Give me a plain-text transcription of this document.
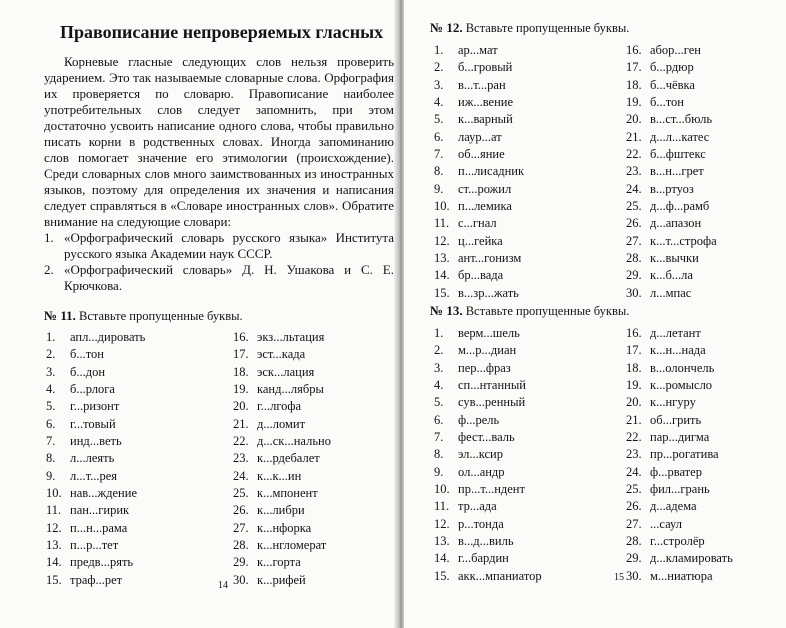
Правописание непроверяемых гласных

Корневые гласные следующих слов нельзя проверить ударением. Это так называемые словарные слова. Орфография их проверяется по словарю. Правописание наиболее употребительных слов следует запомнить, при этом достаточно усвоить написание одного слова, чтобы правильно писать корни в родственных словах. Иногда запоминанию слов помогает значение его этимологии (происхождение). Среди словарных слов много заимствованных из иностранных языков, поэтому для определения их значения и написания следует справляться в «Словаре иностранных слов». Обратите внимание на следующие словари:

1. «Орфографический словарь русского языка» Института русского языка Академии наук СССР.
2. «Орфографический словарь» Д. Н. Ушакова и С. Е. Крючкова.
№ 11. Вставьте пропущенные буквы.
1. апл...дировать
2. б...тон
3. б...дон
4. б...рлога
5. г...ризонт
6. г...товый
7. инд...веть
8. л...леять
9. л...т...рея
10. нав...ждение
11. пан...гирик
12. п...н...рама
13. п...р...тет
14. предв...рять
15. траф...рет
16. экз...льтация
17. эст...када
18. эск...лация
19. канд...лябры
20. г...лгофа
21. д...ломит
22. д...ск...нально
23. к...рдебалет
24. к...к...ин
25. к...мпонент
26. к...либри
27. к...нфорка
28. к...нгломерат
29. к...горта
30. к...рифей
14
№ 12. Вставьте пропущенные буквы.
1. ар...мат
2. б...гровый
3. в...т...ран
4. иж...вение
5. к...варный
6. лаур...ат
7. об...яние
8. п...лисадник
9. ст...рожил
10. п...лемика
11. с...гнал
12. ц...гейка
13. ант...гонизм
14. бр...вада
15. в...зр...жать
16. абор...ген
17. б...рдюр
18. б...чёвка
19. б...тон
20. в...ст...бюль
21. д...л...катес
22. б...фштекс
23. в...н...грет
24. в...ртуоз
25. д...ф...рамб
26. д...апазон
27. к...т...строфа
28. к...вычки
29. к...б...ла
30. л...мпас
№ 13. Вставьте пропущенные буквы.
1. верм...шель
2. м...р...диан
3. пер...фраз
4. сп...нтанный
5. сув...ренный
6. ф...рель
7. фест...валь
8. эл...ксир
9. ол...андр
10. пр...т...ндент
11. тр...ада
12. р...тонда
13. в...д...виль
14. г...бардин
15. акк...мпаниатор
16. д...летант
17. к...н...нада
18. в...олончель
19. к...ромысло
20. к...нгуру
21. об...грить
22. пар...дигма
23. пр...рогатива
24. ф...рватер
25. фил...грань
26. д...адема
27. ...саул
28. г...стролёр
29. д...кламировать
30. м...ниатюра
15
